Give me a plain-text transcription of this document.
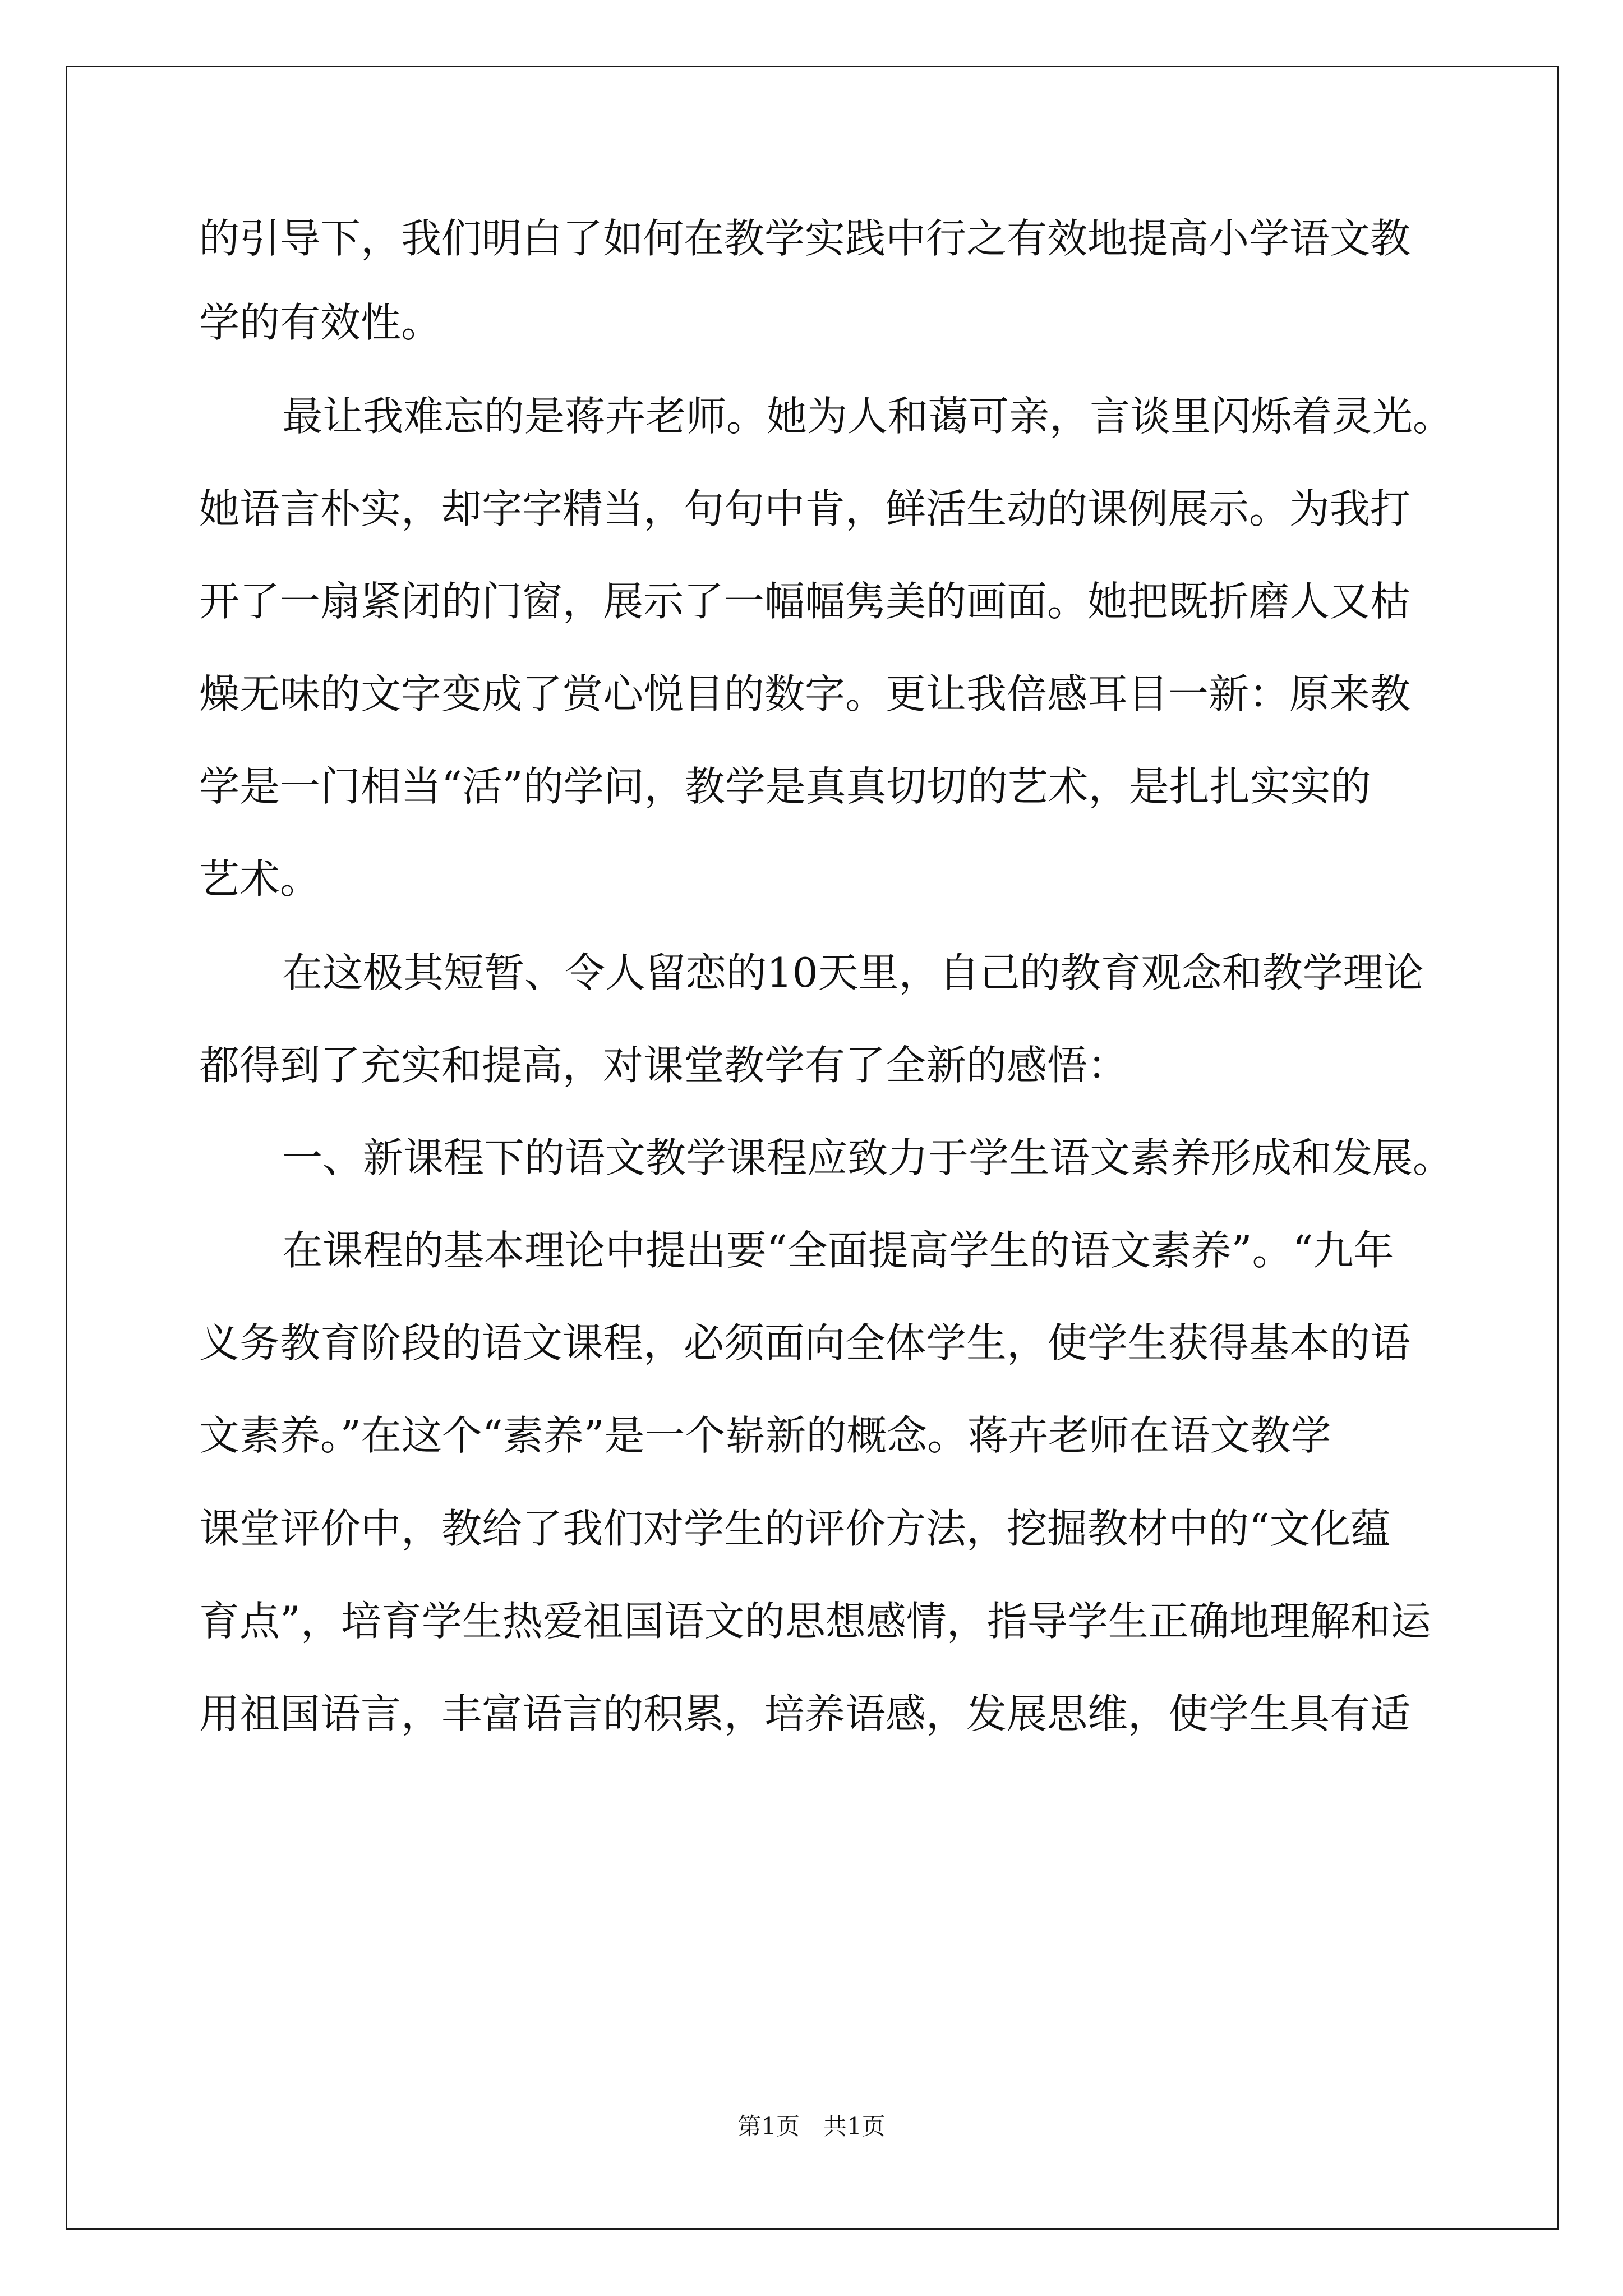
的引导下，我们明白了如何在教学实践中行之有效地提高小学语文教
学的有效性。
最让我难忘的是蒋卉老师。她为人和蔼可亲，言谈里闪烁着灵光。
她语言朴实，却字字精当，句句中肯，鲜活生动的课例展示。为我打
开了一扇紧闭的门窗，展示了一幅幅隽美的画面。她把既折磨人又枯
燥无味的文字变成了赏心悦目的数字。更让我倍感耳目一新：原来教
学是一门相当“活”的学问，教学是真真切切的艺术，是扎扎实实的
艺术。
在这极其短暂、令人留恋的10天里，自己的教育观念和教学理论
都得到了充实和提高，对课堂教学有了全新的感悟：
一、新课程下的语文教学课程应致力于学生语文素养形成和发展。
在课程的基本理论中提出要“全面提高学生的语文素养”。“九年
义务教育阶段的语文课程，必须面向全体学生，使学生获得基本的语
文素养。”在这个“素养”是一个崭新的概念。蒋卉老师在语文教学
课堂评价中，教给了我们对学生的评价方法，挖掘教材中的“文化蕴
育点”，培育学生热爱祖国语文的思想感情，指导学生正确地理解和运
用祖国语言，丰富语言的积累，培养语感，发展思维，使学生具有适
第1页　共1页
